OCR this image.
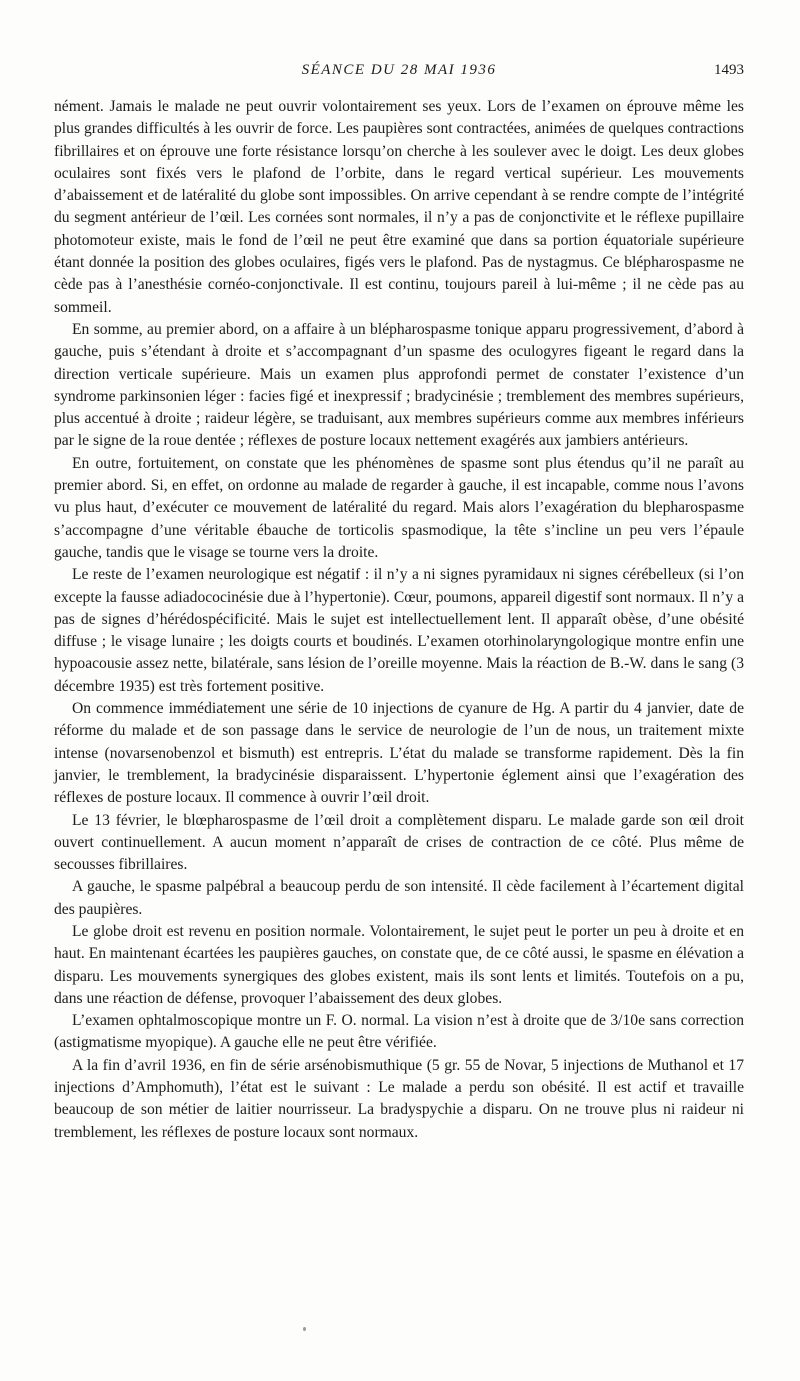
SÉANCE DU 28 MAI 1936	1493

nément. Jamais le malade ne peut ouvrir volontairement ses yeux. Lors de l’examen on éprouve même les plus grandes difficultés à les ouvrir de force. Les paupières sont contractées, animées de quelques contractions fibrillaires et on éprouve une forte résistance lorsqu’on cherche à les soulever avec le doigt. Les deux globes oculaires sont fixés vers le plafond de l’orbite, dans le regard vertical supérieur. Les mouvements d’abaissement et de latéralité du globe sont impossibles. On arrive cependant à se rendre compte de l’intégrité du segment antérieur de l’œil. Les cornées sont normales, il n’y a pas de conjonctivite et le réflexe pupillaire photomoteur existe, mais le fond de l’œil ne peut être examiné que dans sa portion équatoriale supérieure étant donnée la position des globes oculaires, figés vers le plafond. Pas de nystagmus. Ce blépharospasme ne cède pas à l’anesthésie cornéo-conjonctivale. Il est continu, toujours pareil à lui-même ; il ne cède pas au sommeil.

En somme, au premier abord, on a affaire à un blépharospasme tonique apparu progressivement, d’abord à gauche, puis s’étendant à droite et s’accompagnant d’un spasme des oculogyres figeant le regard dans la direction verticale supérieure. Mais un examen plus approfondi permet de constater l’existence d’un syndrome parkinsonien léger : facies figé et inexpressif ; bradycinésie ; tremblement des membres supérieurs, plus accentué à droite ; raideur légère, se traduisant, aux membres supérieurs comme aux membres inférieurs par le signe de la roue dentée ; réflexes de posture locaux nettement exagérés aux jambiers antérieurs.

En outre, fortuitement, on constate que les phénomènes de spasme sont plus étendus qu’il ne paraît au premier abord. Si, en effet, on ordonne au malade de regarder à gauche, il est incapable, comme nous l’avons vu plus haut, d’exécuter ce mouvement de latéralité du regard. Mais alors l’exagération du blepharospasme s’accompagne d’une véritable ébauche de torticolis spasmodique, la tête s’incline un peu vers l’épaule gauche, tandis que le visage se tourne vers la droite.

Le reste de l’examen neurologique est négatif : il n’y a ni signes pyramidaux ni signes cérébelleux (si l’on excepte la fausse adiadococinésie due à l’hypertonie). Cœur, poumons, appareil digestif sont normaux. Il n’y a pas de signes d’hérédospécificité. Mais le sujet est intellectuellement lent. Il apparaît obèse, d’une obésité diffuse ; le visage lunaire ; les doigts courts et boudinés. L’examen otorhinolaryngologique montre enfin une hypoacousie assez nette, bilatérale, sans lésion de l’oreille moyenne. Mais la réaction de B.-W. dans le sang (3 décembre 1935) est très fortement positive.

On commence immédiatement une série de 10 injections de cyanure de Hg. A partir du 4 janvier, date de réforme du malade et de son passage dans le service de neurologie de l’un de nous, un traitement mixte intense (novarsenobenzol et bismuth) est entrepris. L’état du malade se transforme rapidement. Dès la fin janvier, le tremblement, la bradycinésie disparaissent. L’hypertonie églement ainsi que l’exagération des réflexes de posture locaux. Il commence à ouvrir l’œil droit.

Le 13 février, le blœpharospasme de l’œil droit a complètement disparu. Le malade garde son œil droit ouvert continuellement. A aucun moment n’apparaît de crises de contraction de ce côté. Plus même de secousses fibrillaires.

A gauche, le spasme palpébral a beaucoup perdu de son intensité. Il cède facilement à l’écartement digital des paupières.

Le globe droit est revenu en position normale. Volontairement, le sujet peut le porter un peu à droite et en haut. En maintenant écartées les paupières gauches, on constate que, de ce côté aussi, le spasme en élévation a disparu. Les mouvements synergiques des globes existent, mais ils sont lents et limités. Toutefois on a pu, dans une réaction de défense, provoquer l’abaissement des deux globes.

L’examen ophtalmoscopique montre un F. O. normal. La vision n’est à droite que de 3/10e sans correction (astigmatisme myopique). A gauche elle ne peut être vérifiée.

A la fin d’avril 1936, en fin de série arsénobismuthique (5 gr. 55 de Novar, 5 injections de Muthanol et 17 injections d’Amphomuth), l’état est le suivant : Le malade a perdu son obésité. Il est actif et travaille beaucoup de son métier de laitier nourrisseur. La bradyspychie a disparu. On ne trouve plus ni raideur ni tremblement, les réflexes de posture locaux sont normaux.
